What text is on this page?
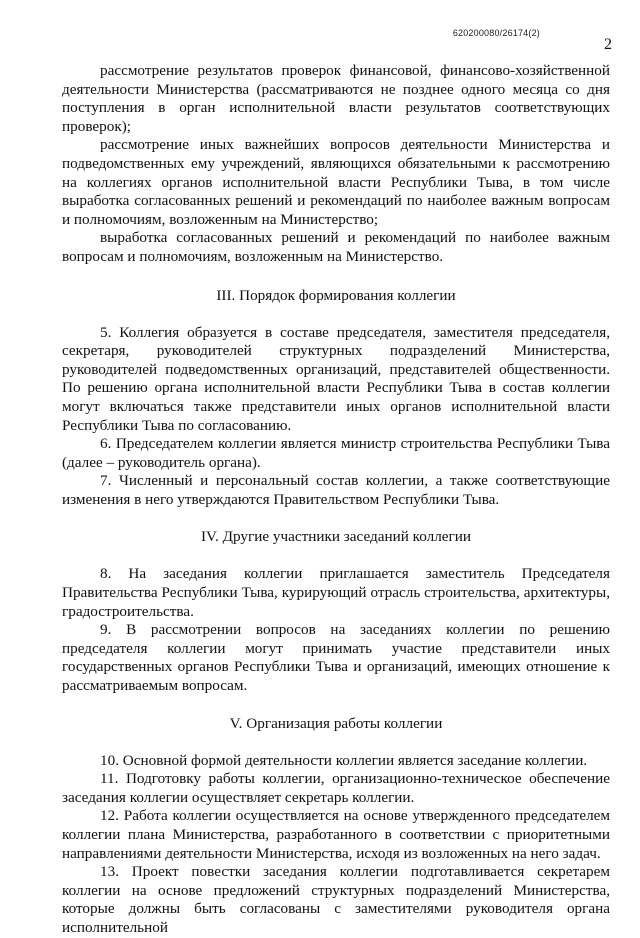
620200080/26174(2)
2

рассмотрение результатов проверок финансовой, финансово-хозяйственной деятельности Министерства (рассматриваются не позднее одного месяца со дня поступления в орган исполнительной власти результатов соответствующих проверок);

рассмотрение иных важнейших вопросов деятельности Министерства и подведомственных ему учреждений, являющихся обязательными к рассмотрению на коллегиях органов исполнительной власти Республики Тыва, в том числе выработка согласованных решений и рекомендаций по наиболее важным вопросам и полномочиям, возложенным на Министерство;

выработка согласованных решений и рекомендаций по наиболее важным вопросам и полномочиям, возложенным на Министерство.

III. Порядок формирования коллегии

5. Коллегия образуется в составе председателя, заместителя председателя, секретаря, руководителей структурных подразделений Министерства, руководителей подведомственных организаций, представителей общественности. По решению органа исполнительной власти Республики Тыва в состав коллегии могут включаться также представители иных органов исполнительной власти Республики Тыва по согласованию.

6. Председателем коллегии является министр строительства Республики Тыва (далее – руководитель органа).

7. Численный и персональный состав коллегии, а также соответствующие изменения в него утверждаются Правительством Республики Тыва.

IV. Другие участники заседаний коллегии

8. На заседания коллегии приглашается заместитель Председателя Правительства Республики Тыва, курирующий отрасль строительства, архитектуры, градостроительства.

9. В рассмотрении вопросов на заседаниях коллегии по решению председателя коллегии могут принимать участие представители иных государственных органов Республики Тыва и организаций, имеющих отношение к рассматриваемым вопросам.

V. Организация работы коллегии

10. Основной формой деятельности коллегии является заседание коллегии.

11. Подготовку работы коллегии, организационно-техническое обеспечение заседания коллегии осуществляет секретарь коллегии.

12. Работа коллегии осуществляется на основе утвержденного председателем коллегии плана Министерства, разработанного в соответствии с приоритетными направлениями деятельности Министерства, исходя из возложенных на него задач.

13. Проект повестки заседания коллегии подготавливается секретарем коллегии на основе предложений структурных подразделений Министерства, которые должны быть согласованы с заместителями руководителя органа исполнительной
